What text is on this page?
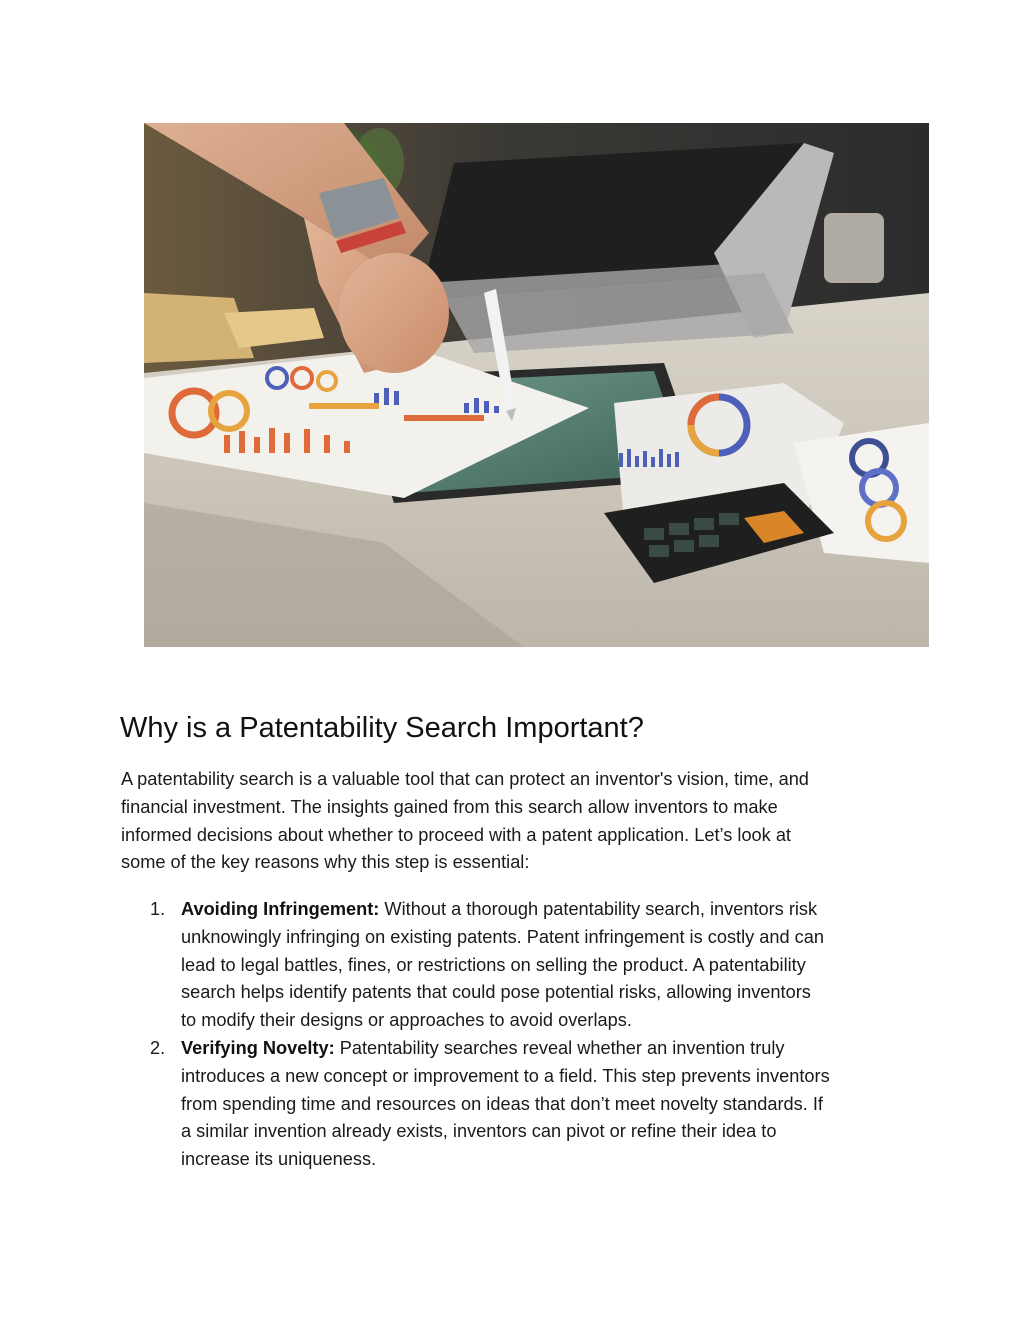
Why is a Patentability Search Important?

A patentability search is a valuable tool that can protect an inventor's vision, time, and
financial investment. The insights gained from this search allow inventors to make
informed decisions about whether to proceed with a patent application. Let’s look at
some of the key reasons why this step is essential:

1. Avoiding Infringement: Without a thorough patentability search, inventors risk
unknowingly infringing on existing patents. Patent infringement is costly and can
lead to legal battles, fines, or restrictions on selling the product. A patentability
search helps identify patents that could pose potential risks, allowing inventors
to modify their designs or approaches to avoid overlaps.
2. Verifying Novelty: Patentability searches reveal whether an invention truly
introduces a new concept or improvement to a field. This step prevents inventors
from spending time and resources on ideas that don’t meet novelty standards. If
a similar invention already exists, inventors can pivot or refine their idea to
increase its uniqueness.
